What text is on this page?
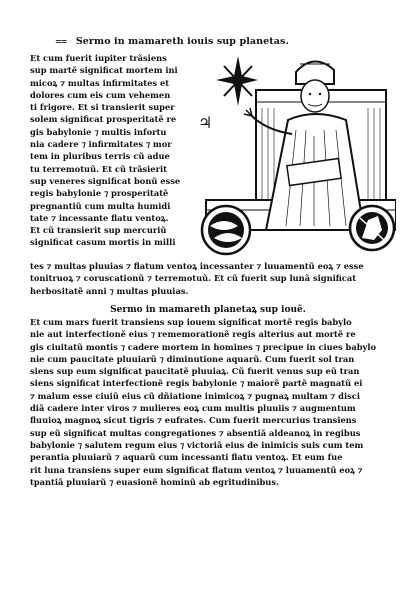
== Sermo in mamareth iouis sup planetas.
Et cum fuerit iupiter trãsiens
sup martẽ significat mortem ini
micoꝝ ⁊ multas infirmitates et
dolores cum eis cum vehemen
ti frigore. Et si transierit super
solem significat prosperitatẽ re
gis babylonie ⁊ multis infortu
nia cadere ⁊ infirmitates ⁊ mor
tem in pluribus terris cũ adue
tu terremotuũ. Et cũ trãsierit
sup veneres significat bonũ esse
regis babylonie ⁊ prosperitatẽ
pregnantiũ cum multa humidi
tate ⁊ incessante flatu ventoꝝ.
Et cũ transierit sup mercuriũ
significat casum mortis in milli
♃
tes ⁊ multas pluuias ⁊ flatum ventoꝝ incessanter ⁊ luuamentũ eoꝝ ⁊ esse
tonitruoꝝ ⁊ coruscationũ ⁊ terremotuũ. Et cũ fuerit sup lunã significat
herbositatẽ anni ⁊ multas pluuias.
Sermo in mamareth planetaꝝ sup iouẽ.
Et cum mars fuerit transiens sup iouem significat mortẽ regis babylo
nie aut interfectionẽ eius ⁊ rememorationẽ regis alterius aut mortẽ re
gis ciuitatũ montis ⁊ cadere mortem in homines ⁊ precipue in ciues babylo
nie cum paucitate pluuiarũ ⁊ diminutione aquarũ. Cum fuerit sol tran
siens sup eum significat paucitatẽ pluuiaꝝ. Cũ fuerit venus sup eũ tran
siens significat interfectionẽ regis babylonie ⁊ maiorẽ partẽ magnatũ ei
⁊ malum esse ciuiũ eius cũ dñiatione inimicoꝝ ⁊ pugnaꝝ multam ⁊ disci
diã cadere inter viros ⁊ mulieres eoꝝ cum multis pluuiis ⁊ augmentum
fluuioꝝ magnoꝝ sicut tigris ⁊ eufrates. Cum fuerit mercurius transiens
sup eũ significat multas congregationes ⁊ absentiã aldeanoꝝ in regibus
babylonie ⁊ salutem regum eius ⁊ victoriã eius de inimicis suis cum tem
perantia pluuiarũ ⁊ aquarũ cum incessanti flatu ventoꝝ. Et eum fue
rit luna transiens super eum significat flatum ventoꝝ ⁊ luuamentũ eoꝝ ⁊
tpantiã pluuiarũ ⁊ euasionẽ hominũ ab egritudinibus.
